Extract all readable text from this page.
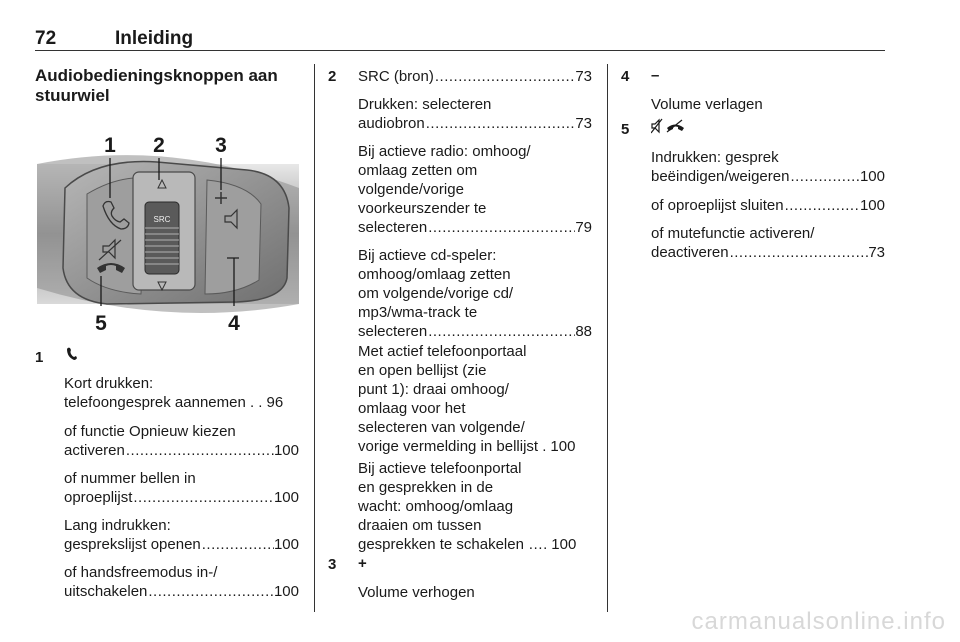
72	Inleiding
Audiobedieningsknoppen aan
stuurwiel
SRC
1 2 3
4
5
1
Kort drukken:
telefoongesprek aannemen . . 96
of functie Opnieuw kiezen
activeren .....	100
of nummer bellen in
oproeplijst .....	100
Lang indrukken:
gesprekslijst openen .....	100
of handsfreemodus in-/
uitschakelen .....	100
2 SRC (bron) .....	73
Drukken: selecteren
audiobron .....	73
Bij actieve radio: omhoog/
omlaag zetten om
volgende/vorige
voorkeurszender te
selecteren .....	79
Bij actieve cd-speler:
omhoog/omlaag zetten
om volgende/vorige cd/
mp3/wma-track te
selecteren .....	88
Met actief telefoonportaal
en open bellijst (zie
punt 1): draai omhoog/
omlaag voor het
selecteren van volgende/
vorige vermelding in bellijst . 100
Bij actieve telefoonportal
en gesprekken in de
wacht: omhoog/omlaag
draaien om tussen
gesprekken te schakelen …. 100
3 +
Volume verhogen
4 –
Volume verlagen
5
Indrukken: gesprek
beëindigen/weigeren .....	100
of oproeplijst sluiten .....	100
of mutefunctie activeren/
deactiveren .....	73
carmanualsonline.info
